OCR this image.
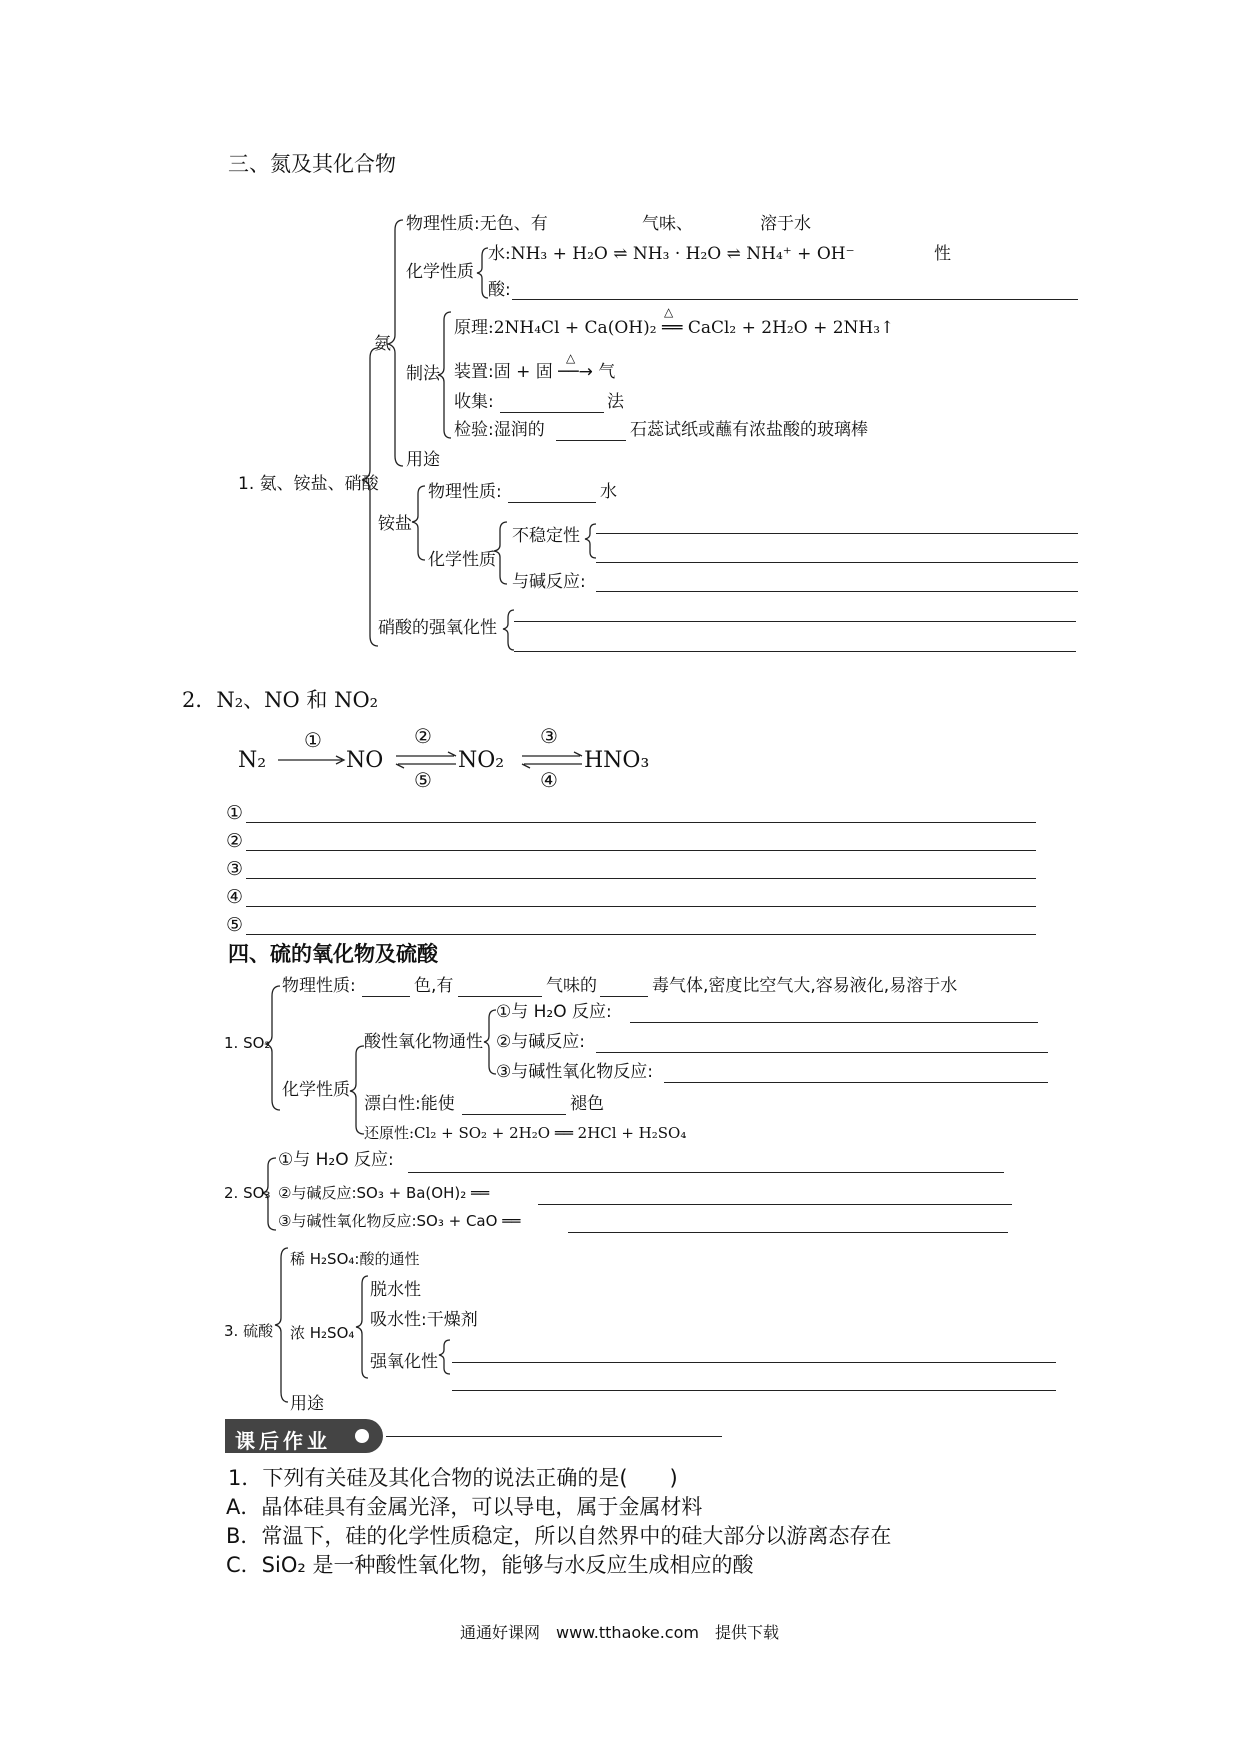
三、氮及其化合物
1. 氨、铵盐、硝酸
氨
物理性质:无色、有	气味、	溶于水
化学性质
水:NH₃ + H₂O ⇌ NH₃ · H₂O ⇌ NH₄⁺ + OH⁻	性
酸:
制法
△
原理:2NH₄Cl + Ca(OH)₂ ══ CaCl₂ + 2H₂O + 2NH₃↑
△
装置:固 + 固 ──→ 气
收集:	法
检验:湿润的	石蕊试纸或蘸有浓盐酸的玻璃棒
用途
铵盐
物理性质:	水
化学性质
不稳定性
与碱反应:
硝酸的强氧化性
2．N₂、NO 和 NO₂
N₂
①
NO
②
⑤
NO₂
③
④
HNO₃
①
②
③
④
⑤
四、硫的氧化物及硫酸
1. SO₂
物理性质:	色,有	气味的	毒气体,密度比空气大,容易液化,易溶于水
化学性质
酸性氧化物通性
①与 H₂O 反应:
②与碱反应:
③与碱性氧化物反应:
漂白性:能使	褪色
还原性:Cl₂ + SO₂ + 2H₂O ══ 2HCl + H₂SO₄
2. SO₃
①与 H₂O 反应:
②与碱反应:SO₃ + Ba(OH)₂ ══
③与碱性氧化物反应:SO₃ + CaO ══
3. 硫酸
稀 H₂SO₄:酸的通性
浓 H₂SO₄
脱水性
吸水性:干燥剂
强氧化性
用途
课后作业
1．下列有关硅及其化合物的说法正确的是(　　)
A．晶体硅具有金属光泽，可以导电，属于金属材料
B．常温下，硅的化学性质稳定，所以自然界中的硅大部分以游离态存在
C．SiO₂ 是一种酸性氧化物，能够与水反应生成相应的酸
通通好课网　www.tthaoke.com　提供下载
